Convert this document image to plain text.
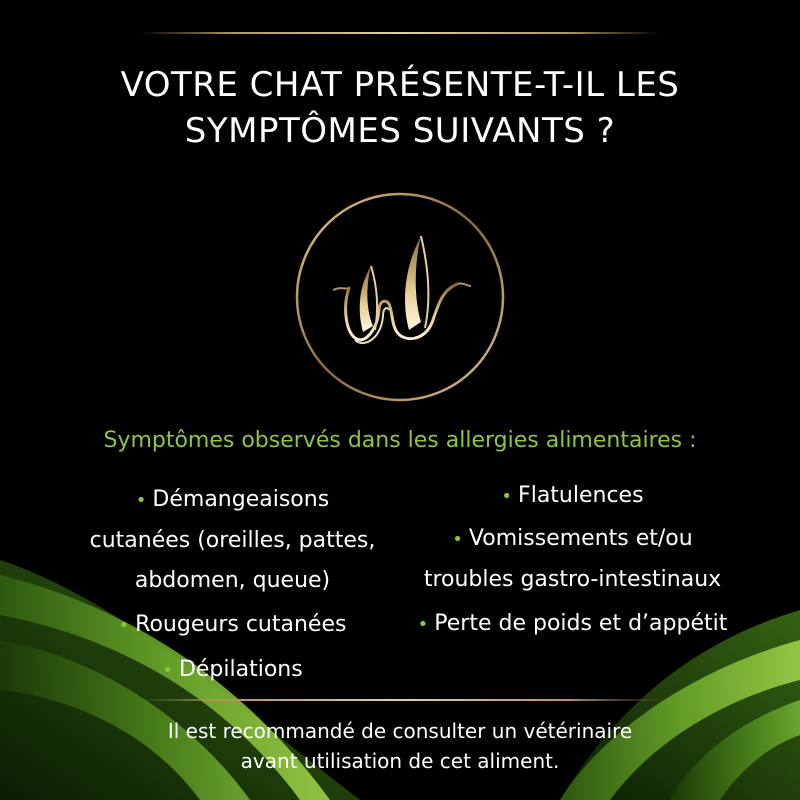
VOTRE CHAT PRÉSENTE-T-IL LES
SYMPTÔMES SUIVANTS ?
Symptômes observés dans les allergies alimentaires :
• Démangeaisons
cutanées (oreilles, pattes,
abdomen, queue)
• Rougeurs cutanées
• Dépilations
• Flatulences
• Vomissements et/ou
troubles gastro-intestinaux
• Perte de poids et d’appétit
Il est recommandé de consulter un vétérinaire
avant utilisation de cet aliment.
